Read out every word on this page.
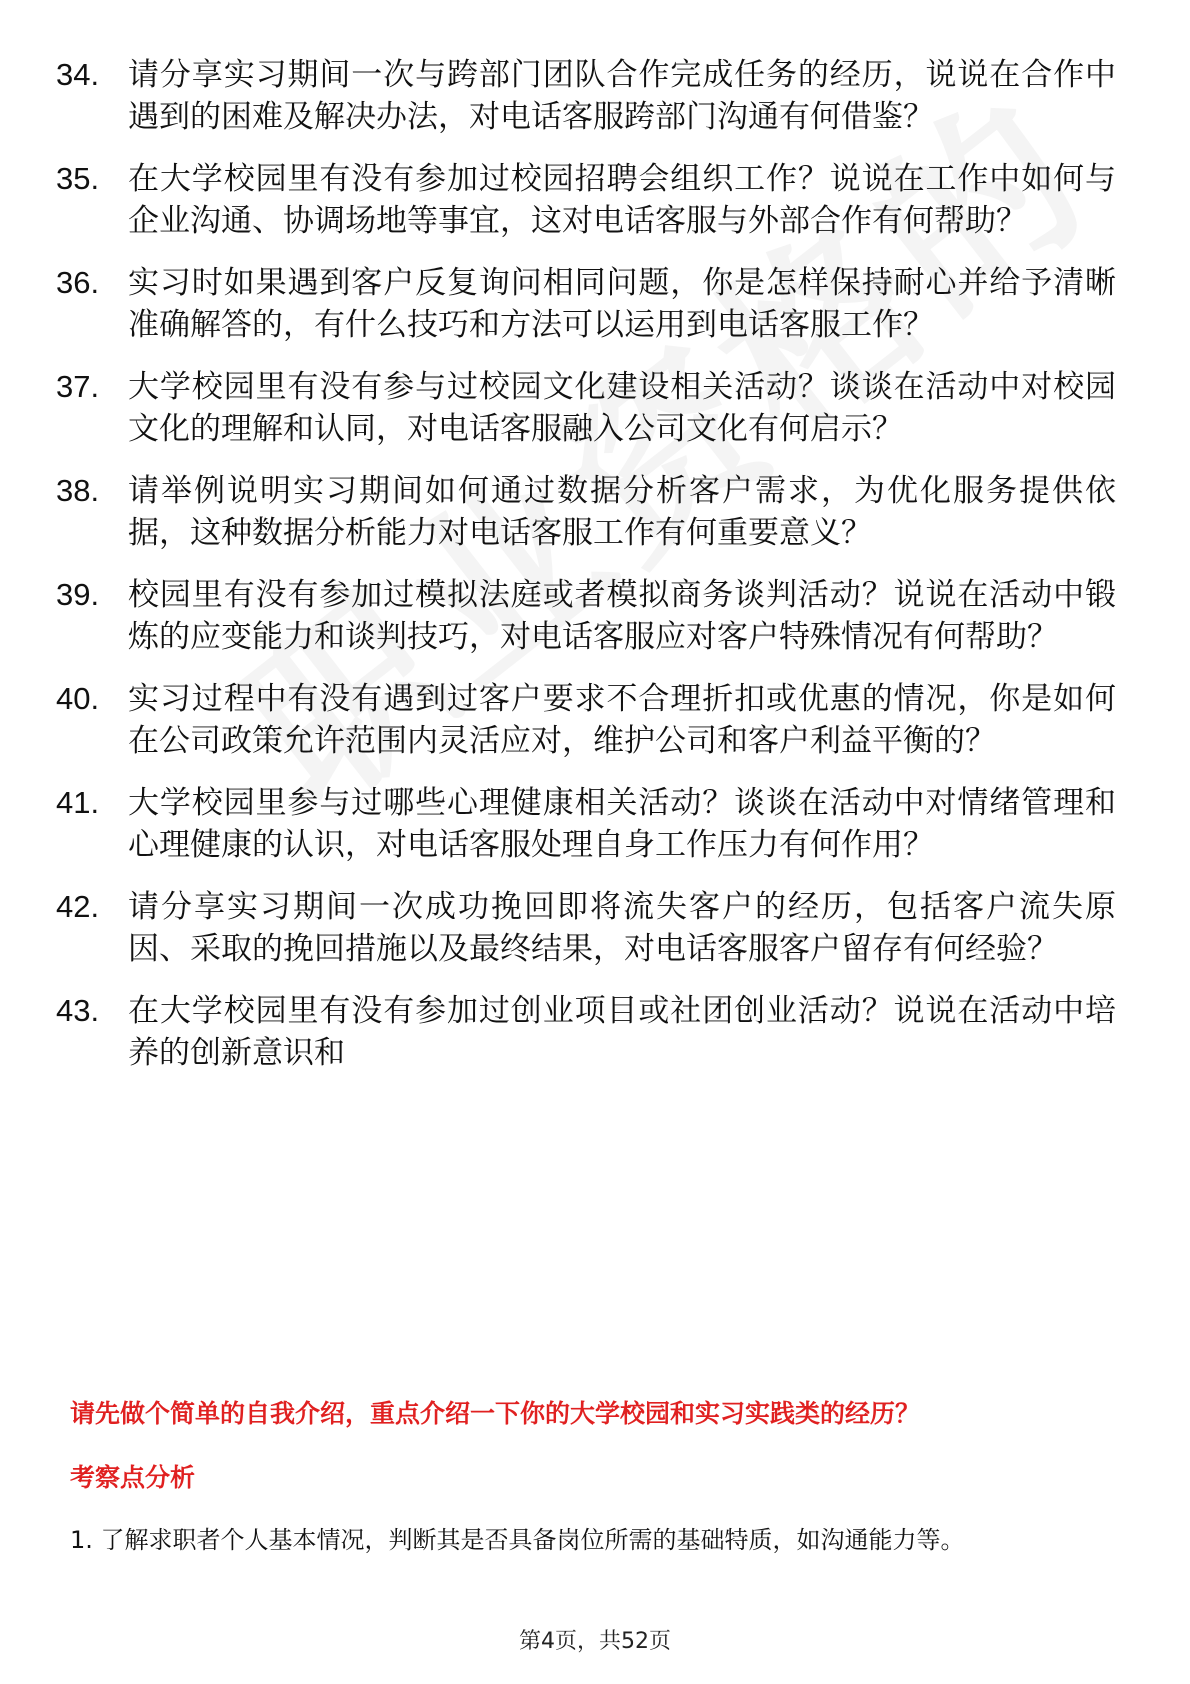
34. 请分享实习期间一次与跨部门团队合作完成任务的经历，说说在合作中遇到的困难及解决办法，对电话客服跨部门沟通有何借鉴？
35. 在大学校园里有没有参加过校园招聘会组织工作？说说在工作中如何与企业沟通、协调场地等事宜，这对电话客服与外部合作有何帮助？
36. 实习时如果遇到客户反复询问相同问题，你是怎样保持耐心并给予清晰准确解答的，有什么技巧和方法可以运用到电话客服工作？
37. 大学校园里有没有参与过校园文化建设相关活动？谈谈在活动中对校园文化的理解和认同，对电话客服融入公司文化有何启示？
38. 请举例说明实习期间如何通过数据分析客户需求，为优化服务提供依据，这种数据分析能力对电话客服工作有何重要意义？
39. 校园里有没有参加过模拟法庭或者模拟商务谈判活动？说说在活动中锻炼的应变能力和谈判技巧，对电话客服应对客户特殊情况有何帮助？
40. 实习过程中有没有遇到过客户要求不合理折扣或优惠的情况，你是如何在公司政策允许范围内灵活应对，维护公司和客户利益平衡的？
41. 大学校园里参与过哪些心理健康相关活动？谈谈在活动中对情绪管理和心理健康的认识，对电话客服处理自身工作压力有何作用？
42. 请分享实习期间一次成功挽回即将流失客户的经历，包括客户流失原因、采取的挽回措施以及最终结果，对电话客服客户留存有何经验？
43. 在大学校园里有没有参加过创业项目或社团创业活动？说说在活动中培养的创新意识和

请先做个简单的自我介绍，重点介绍一下你的大学校园和实习实践类的经历？

考察点分析

1. 了解求职者个人基本情况，判断其是否具备岗位所需的基础特质，如沟通能力等。

第4页，共52页
